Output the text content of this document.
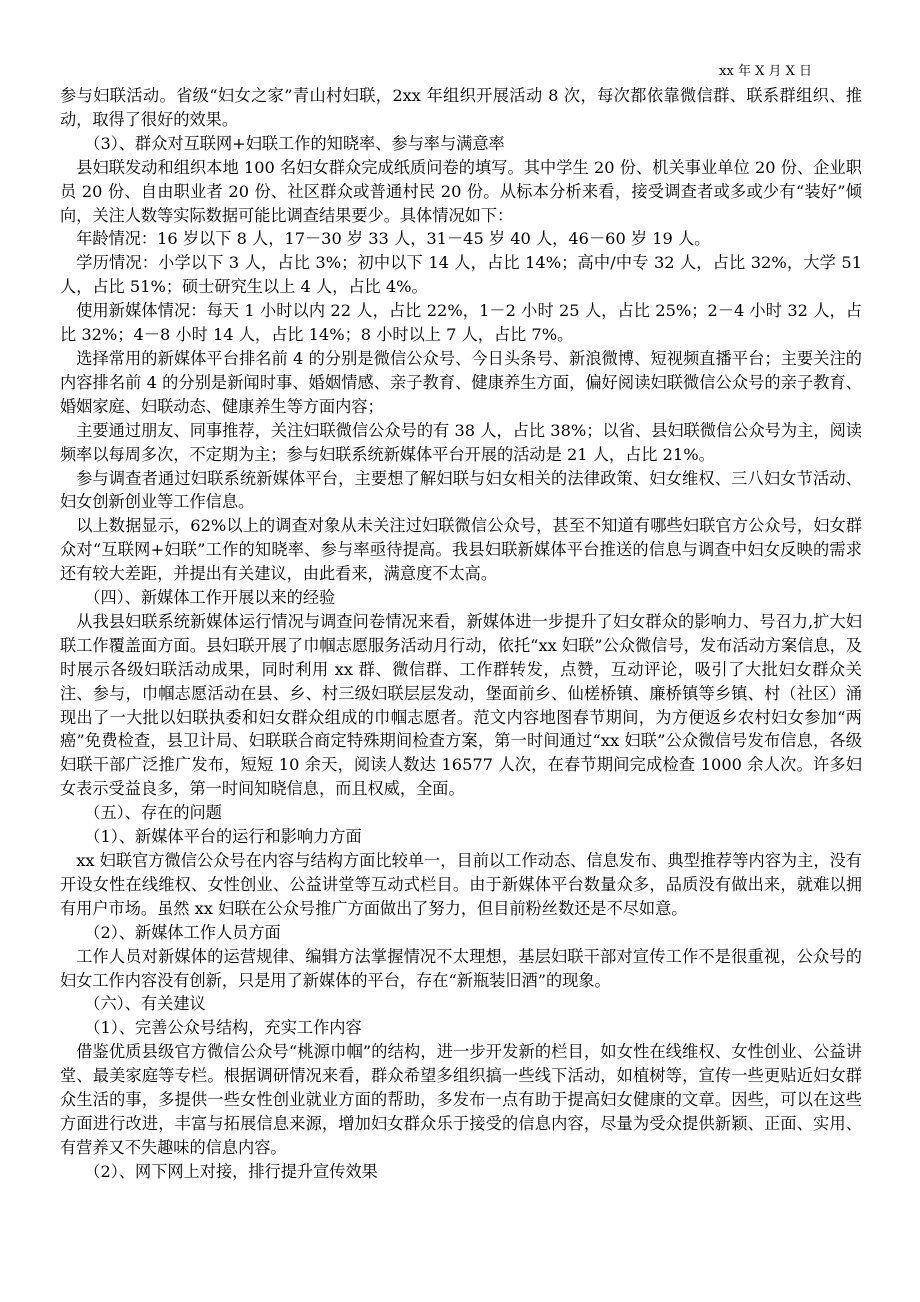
xx 年 X 月 X 日

参与妇联活动。省级“妇女之家”青山村妇联，2xx 年组织开展活动 8 次，每次都依靠微信群、联系群组织、推动，取得了很好的效果。

（3）、群众对互联网+妇联工作的知晓率、参与率与满意率

县妇联发动和组织本地 100 名妇女群众完成纸质问卷的填写。其中学生 20 份、机关事业单位 20 份、企业职员 20 份、自由职业者 20 份、社区群众或普通村民 20 份。从标本分析来看，接受调查者或多或少有“装好”倾向，关注人数等实际数据可能比调查结果要少。具体情况如下：

年龄情况：16 岁以下 8 人，17－30 岁 33 人，31－45 岁 40 人，46－60 岁 19 人。

学历情况：小学以下 3 人，占比 3%；初中以下 14 人，占比 14%；高中/中专 32 人，占比 32%，大学 51 人，占比 51%；硕士研究生以上 4 人，占比 4%。

使用新媒体情况：每天 1 小时以内 22 人，占比 22%，1－2 小时 25 人，占比 25%；2－4 小时 32 人，占比 32%；4－8 小时 14 人，占比 14%；8 小时以上 7 人，占比 7%。

选择常用的新媒体平台排名前 4 的分别是微信公众号、今日头条号、新浪微博、短视频直播平台；主要关注的内容排名前 4 的分别是新闻时事、婚姻情感、亲子教育、健康养生方面，偏好阅读妇联微信公众号的亲子教育、婚姻家庭、妇联动态、健康养生等方面内容；

主要通过朋友、同事推荐，关注妇联微信公众号的有 38 人，占比 38%；以省、县妇联微信公众号为主，阅读频率以每周多次，不定期为主；参与妇联系统新媒体平台开展的活动是 21 人，占比 21%。

参与调查者通过妇联系统新媒体平台，主要想了解妇联与妇女相关的法律政策、妇女维权、三八妇女节活动、妇女创新创业等工作信息。

以上数据显示，62%以上的调查对象从未关注过妇联微信公众号，甚至不知道有哪些妇联官方公众号，妇女群众对“互联网+妇联”工作的知晓率、参与率亟待提高。我县妇联新媒体平台推送的信息与调查中妇女反映的需求还有较大差距，并提出有关建议，由此看来，满意度不太高。

（四）、新媒体工作开展以来的经验

从我县妇联系统新媒体运行情况与调查问卷情况来看，新媒体进一步提升了妇女群众的影响力、号召力,扩大妇联工作覆盖面方面。县妇联开展了巾帼志愿服务活动月行动，依托“xx 妇联”公众微信号，发布活动方案信息，及时展示各级妇联活动成果，同时利用 xx 群、微信群、工作群转发，点赞，互动评论，吸引了大批妇女群众关注、参与，巾帼志愿活动在县、乡、村三级妇联层层发动，堡面前乡、仙槎桥镇、廉桥镇等乡镇、村（社区）涌现出了一大批以妇联执委和妇女群众组成的巾帼志愿者。范文内容地图春节期间，为方便返乡农村妇女参加“两癌”免费检查，县卫计局、妇联联合商定特殊期间检查方案，第一时间通过“xx 妇联”公众微信号发布信息，各级妇联干部广泛推广发布，短短 10 余天，阅读人数达 16577 人次，在春节期间完成检查 1000 余人次。许多妇女表示受益良多，第一时间知晓信息，而且权威，全面。

（五）、存在的问题

（1）、新媒体平台的运行和影响力方面

xx 妇联官方微信公众号在内容与结构方面比较单一，目前以工作动态、信息发布、典型推荐等内容为主，没有开设女性在线维权、女性创业、公益讲堂等互动式栏目。由于新媒体平台数量众多，品质没有做出来，就难以拥有用户市场。虽然 xx 妇联在公众号推广方面做出了努力，但目前粉丝数还是不尽如意。

（2）、新媒体工作人员方面

工作人员对新媒体的运营规律、编辑方法掌握情况不太理想，基层妇联干部对宣传工作不是很重视，公众号的妇女工作内容没有创新，只是用了新媒体的平台，存在“新瓶装旧酒”的现象。

（六）、有关建议

（1）、完善公众号结构，充实工作内容

借鉴优质县级官方微信公众号“桃源巾帼”的结构，进一步开发新的栏目，如女性在线维权、女性创业、公益讲堂、最美家庭等专栏。根据调研情况来看，群众希望多组织搞一些线下活动，如植树等，宣传一些更贴近妇女群众生活的事，多提供一些女性创业就业方面的帮助，多发布一点有助于提高妇女健康的文章。因些，可以在这些方面进行改进，丰富与拓展信息来源，增加妇女群众乐于接受的信息内容，尽量为受众提供新颖、正面、实用、有营养又不失趣味的信息内容。

（2）、网下网上对接，排行提升宣传效果
